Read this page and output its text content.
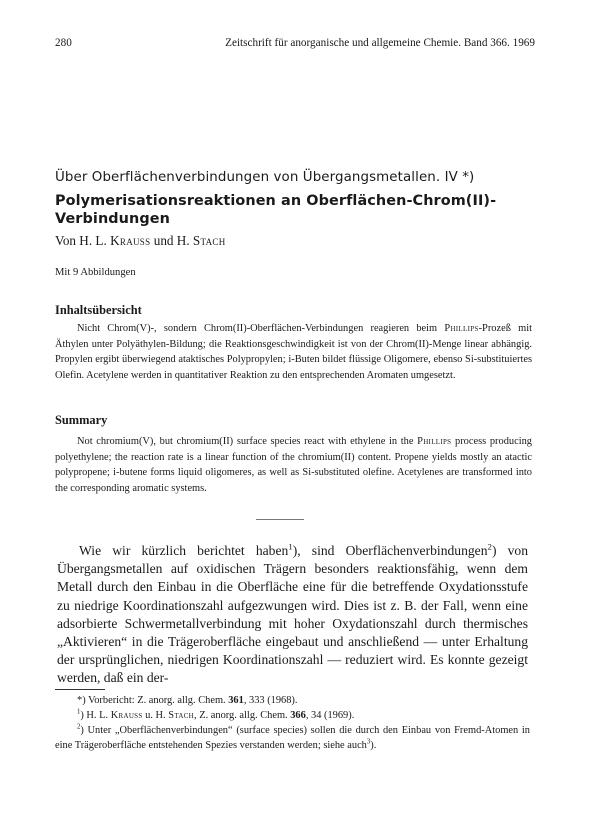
280	Zeitschrift für anorganische und allgemeine Chemie. Band 366. 1969
Über Oberflächenverbindungen von Übergangsmetallen. IV *)
Polymerisationsreaktionen an Oberflächen-Chrom(II)-Verbindungen
Von H. L. Krauss und H. Stach
Mit 9 Abbildungen
Inhaltsübersicht

Nicht Chrom(V)-, sondern Chrom(II)-Oberflächen-Verbindungen reagieren beim Phillips-Prozeß mit Äthylen unter Polyäthylen-Bildung; die Reaktionsgeschwindigkeit ist von der Chrom(II)-Menge linear abhängig. Propylen ergibt überwiegend ataktisches Polypropylen; i-Buten bildet flüssige Oligomere, ebenso Si-substituiertes Olefin. Acetylene werden in quantitativer Reaktion zu den entsprechenden Aromaten umgesetzt.

Summary

Not chromium(V), but chromium(II) surface species react with ethylene in the Phillips process producing polyethylene; the reaction rate is a linear function of the chromium(II) content. Propene yields mostly an atactic polypropene; i-butene forms liquid oligomeres, as well as Si-substituted olefine. Acetylenes are transformed into the corresponding aromatic systems.

Wie wir kürzlich berichtet haben$^1$), sind Oberflächenverbindungen$^2$) von Übergangsmetallen auf oxidischen Trägern besonders reaktionsfähig, wenn dem Metall durch den Einbau in die Oberfläche eine für die betreffende Oxydationsstufe zu niedrige Koordinationszahl aufgezwungen wird. Dies ist z. B. der Fall, wenn eine adsorbierte Schwermetallverbindung mit hoher Oxydationszahl durch thermisches „Aktivieren“ in die Trägeroberfläche eingebaut und anschließend — unter Erhaltung der ursprünglichen, niedrigen Koordinationszahl — reduziert wird. Es konnte gezeigt werden, daß ein der-

*) Vorbericht: Z. anorg. allg. Chem. 361, 333 (1968).

$^1$) H. L. Krauss u. H. Stach, Z. anorg. allg. Chem. 366, 34 (1969).

$^2$) Unter „Oberflächenverbindungen“ (surface species) sollen die durch den Einbau von Fremd-Atomen in eine Trägeroberfläche entstehenden Spezies verstanden werden; siehe auch$^3$).
